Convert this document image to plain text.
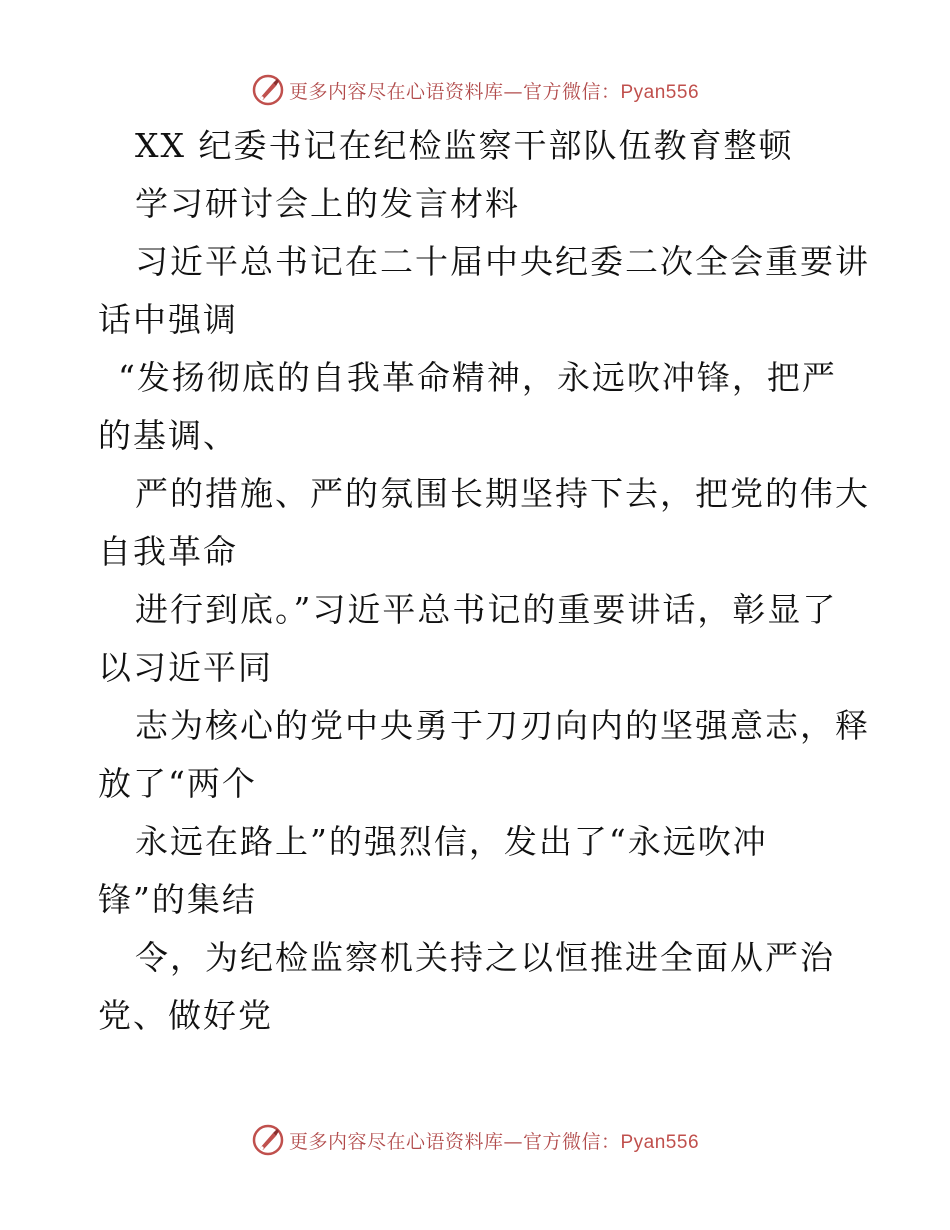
更多内容尽在心语资料库—官方微信：Pyan556
XX 纪委书记在纪检监察干部队伍教育整顿
学习研讨会上的发言材料
习近平总书记在二十届中央纪委二次全会重要讲
话中强调
“发扬彻底的自我革命精神，永远吹冲锋，把严
的基调、
严的措施、严的氛围长期坚持下去，把党的伟大
自我革命
进行到底。”习近平总书记的重要讲话，彰显了
以习近平同
志为核心的党中央勇于刀刃向内的坚强意志，释
放了“两个
永远在路上”的强烈信，发出了“永远吹冲
锋”的集结
令，为纪检监察机关持之以恒推进全面从严治
党、做好党
更多内容尽在心语资料库—官方微信：Pyan556
